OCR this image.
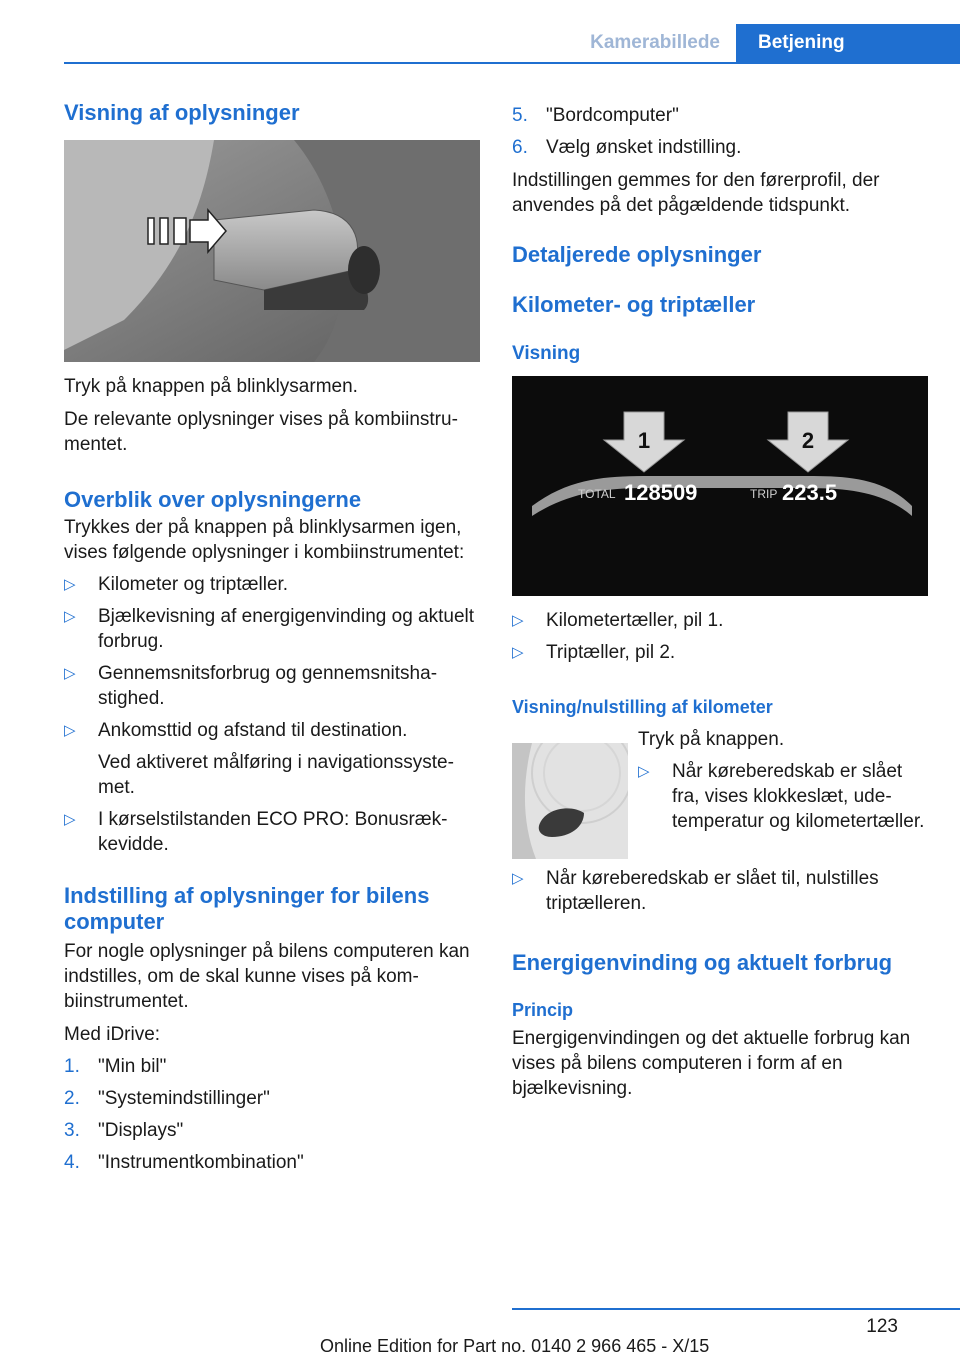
Kamerabillede	Betjening
Visning af oplysninger

Tryk på knappen på blinklysarmen.

De relevante oplysninger vises på kombiinstrumentet.

Overblik over oplysningerne

Trykkes der på knappen på blinklysarmen igen, vises følgende oplysninger i kombiinstrumentet:

▷ Kilometer og triptæller.
▷ Bjælkevisning af energigenvinding og aktuelt forbrug.
▷ Gennemsnitsforbrug og gennemsnitshastighed.
▷ Ankomsttid og afstand til destination.
Ved aktiveret målføring i navigationssystemet.
▷ I kørselstilstanden ECO PRO: Bonusrækkevidde.
Indstilling af oplysninger for bilens computer

For nogle oplysninger på bilens computeren kan indstilles, om de skal kunne vises på kombiinstrumentet.

Med iDrive:

1. "Min bil"
2. "Systemindstillinger"
3. "Displays"
4. "Instrumentkombination"
5. "Bordcomputer"
6. Vælg ønsket indstilling.

Indstillingen gemmes for den førerprofil, der anvendes på det pågældende tidspunkt.

Detaljerede oplysninger
Kilometer- og triptæller
Visning
1	2
TOTAL 128509	TRIP 223.5
▷ Kilometertæller, pil 1.
▷ Triptæller, pil 2.
Visning/nulstilling af kilometer

Tryk på knappen.

▷ Når køreberedskab er slået fra, vises klokkeslæt, udetemperatur og kilometertæller.
▷ Når køreberedskab er slået til, nulstilles triptælleren.
Energigenvinding og aktuelt forbrug
Princip

Energigenvindingen og det aktuelle forbrug kan vises på bilens computeren i form af en bjælkevisning.

123
Online Edition for Part no. 0140 2 966 465 - X/15
